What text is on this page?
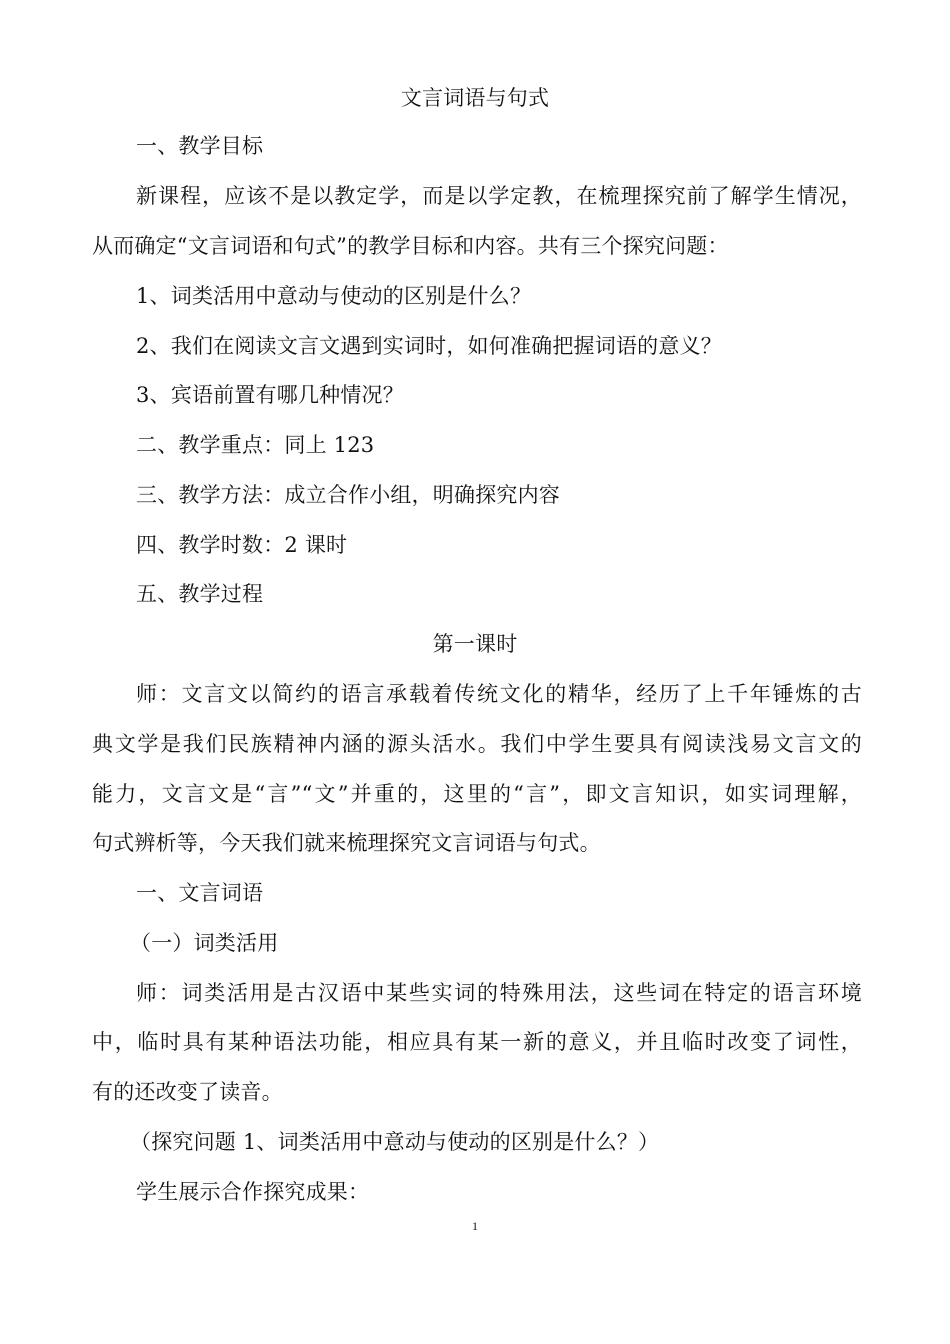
文言词语与句式
一、教学目标
新课程，应该不是以教定学，而是以学定教，在梳理探究前了解学生情况，
从而确定“文言词语和句式”的教学目标和内容。共有三个探究问题：
1、词类活用中意动与使动的区别是什么？
2、我们在阅读文言文遇到实词时，如何准确把握词语的意义？
3、宾语前置有哪几种情况？
二、教学重点：同上 123
三、教学方法：成立合作小组，明确探究内容
四、教学时数：2 课时
五、教学过程
第一课时
师：文言文以简约的语言承载着传统文化的精华，经历了上千年锤炼的古
典文学是我们民族精神内涵的源头活水。我们中学生要具有阅读浅易文言文的
能力，文言文是“言”“文”并重的，这里的“言”，即文言知识，如实词理解，
句式辨析等，今天我们就来梳理探究文言词语与句式。
一、文言词语
（一）词类活用
师：词类活用是古汉语中某些实词的特殊用法，这些词在特定的语言环境
中，临时具有某种语法功能，相应具有某一新的意义，并且临时改变了词性，
有的还改变了读音。
（探究问题 1、词类活用中意动与使动的区别是什么？）
学生展示合作探究成果：
1
